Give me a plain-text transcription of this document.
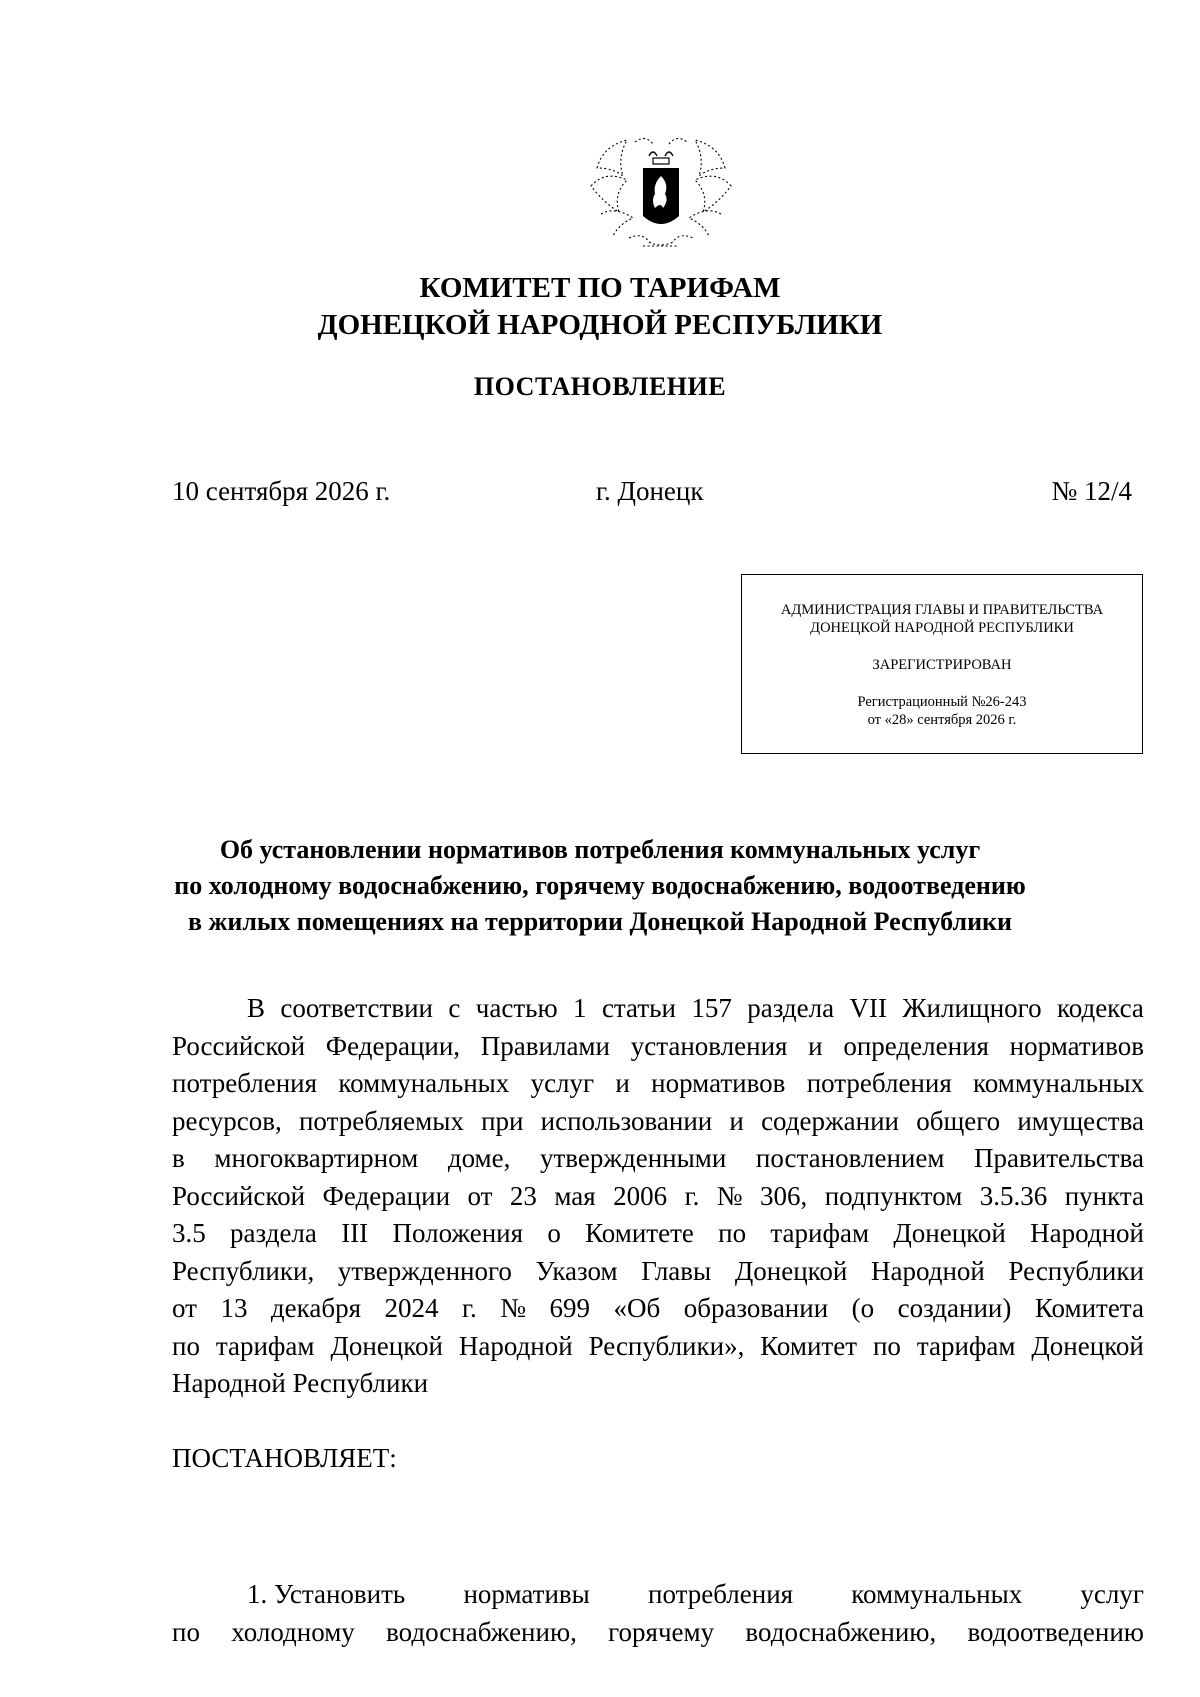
КОМИТЕТ ПО ТАРИФАМ
ДОНЕЦКОЙ НАРОДНОЙ РЕСПУБЛИКИ
ПОСТАНОВЛЕНИЕ
10 сентября 2026 г.	г. Донецк	№ 12/4
АДМИНИСТРАЦИЯ ГЛАВЫ И ПРАВИТЕЛЬСТВА
ДОНЕЦКОЙ НАРОДНОЙ РЕСПУБЛИКИ
ЗАРЕГИСТРИРОВАН
Регистрационный №26-243
от «28» сентября 2026 г.
Об установлении нормативов потребления коммунальных услуг
по холодному водоснабжению, горячему водоснабжению, водоотведению
в жилых помещениях на территории Донецкой Народной Республики
В соответствии с частью 1 статьи 157 раздела VII Жилищного кодекса
Российской Федерации, Правилами установления и определения нормативов
потребления коммунальных услуг и нормативов потребления коммунальных
ресурсов, потребляемых при использовании и содержании общего имущества
в многоквартирном доме, утвержденными постановлением Правительства
Российской Федерации от 23 мая 2006 г. № 306, подпунктом 3.5.36 пункта
3.5 раздела III Положения о Комитете по тарифам Донецкой Народной
Республики, утвержденного Указом Главы Донецкой Народной Республики
от 13 декабря 2024 г. № 699 «Об образовании (о создании) Комитета
по тарифам Донецкой Народной Республики», Комитет по тарифам Донецкой
Народной Республики
ПОСТАНОВЛЯЕТ:
1. Установить нормативы потребления коммунальных услуг
по холодному водоснабжению, горячему водоснабжению, водоотведению
